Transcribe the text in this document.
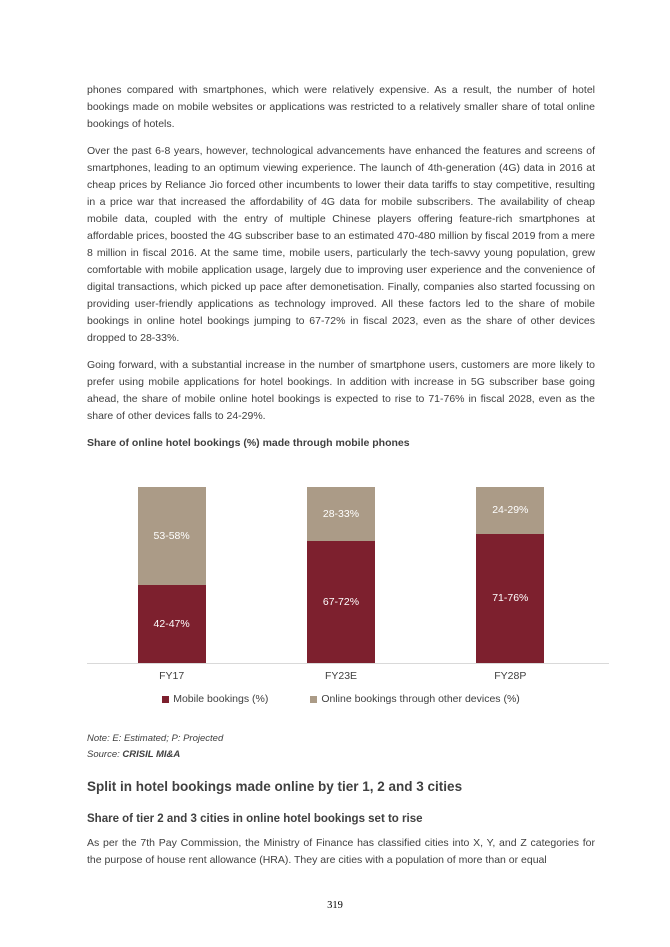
phones compared with smartphones, which were relatively expensive. As a result, the number of hotel bookings made on mobile websites or applications was restricted to a relatively smaller share of total online bookings of hotels.

Over the past 6-8 years, however, technological advancements have enhanced the features and screens of smartphones, leading to an optimum viewing experience. The launch of 4th-generation (4G) data in 2016 at cheap prices by Reliance Jio forced other incumbents to lower their data tariffs to stay competitive, resulting in a price war that increased the affordability of 4G data for mobile subscribers. The availability of cheap mobile data, coupled with the entry of multiple Chinese players offering feature-rich smartphones at affordable prices, boosted the 4G subscriber base to an estimated 470-480 million by fiscal 2019 from a mere 8 million in fiscal 2016. At the same time, mobile users, particularly the tech-savvy young population, grew comfortable with mobile application usage, largely due to improving user experience and the convenience of digital transactions, which picked up pace after demonetisation. Finally, companies also started focussing on providing user-friendly applications as technology improved. All these factors led to the share of mobile bookings in online hotel bookings jumping to 67-72% in fiscal 2023, even as the share of other devices dropped to 28-33%.

Going forward, with a substantial increase in the number of smartphone users, customers are more likely to prefer using mobile applications for hotel bookings. In addition with increase in 5G subscriber base going ahead, the share of mobile online hotel bookings is expected to rise to 71-76% in fiscal 2028, even as the share of other devices falls to 24-29%.

Share of online hotel bookings (%) made through mobile phones

53-58%
42-47%
28-33%
67-72%
24-29%
71-76%
FY17	FY23E	FY28P
Mobile bookings (%)	Online bookings through other devices (%)
Note: E: Estimated; P: Projected
Source: CRISIL MI&A
Split in hotel bookings made online by tier 1, 2 and 3 cities
Share of tier 2 and 3 cities in online hotel bookings set to rise

As per the 7th Pay Commission, the Ministry of Finance has classified cities into X, Y, and Z categories for the purpose of house rent allowance (HRA). They are cities with a population of more than or equal

319
